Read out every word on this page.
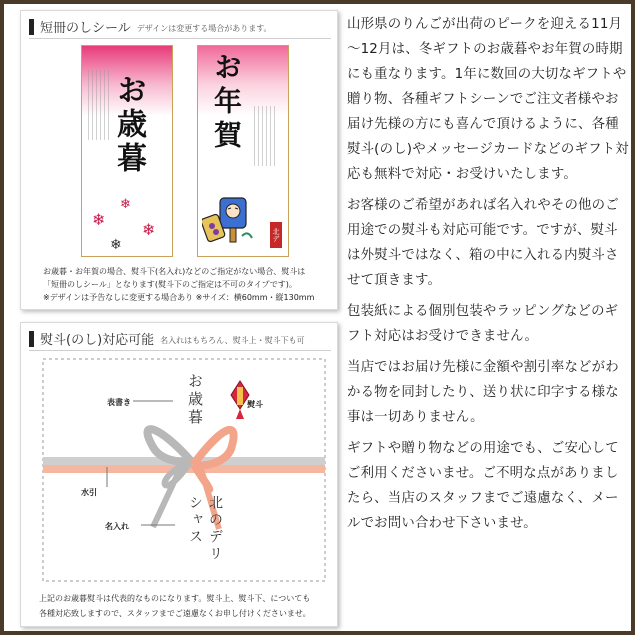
短冊のしシール デザインは変更する場合があります。
お歳暮
❄
❄
❄
❄
お年賀
北デ
お歳暮・お年賀の場合、熨斗下(名入れ)などのご指定がない場合、熨斗は
「短冊のしシール」となります(熨斗下のご指定は不可のタイプです)。
※デザインは予告なしに変更する場合あり ※サイズ：横60mm・縦130mm
熨斗(のし)対応可能 名入れはもちろん、熨斗上・熨斗下も可
表書き	熨斗
水引
名入れ
お歳暮
北のデリシャス
上記のお歳暮熨斗は代表的なものになります。熨斗上、熨斗下、についても
各種対応致しますので、スタッフまでご遠慮なくお申し付けくださいませ。

山形県のりんごが出荷のピークを迎える11月～12月は、冬ギフトのお歳暮やお年賀の時期にも重なります。1年に数回の大切なギフトや贈り物、各種ギフトシーンでご注文者様やお届け先様の方にも喜んで頂けるように、各種熨斗(のし)やメッセージカードなどのギフト対応も無料で対応・お受けいたします。

お客様のご希望があれば名入れやその他のご用途での熨斗も対応可能です。ですが、熨斗は外熨斗ではなく、箱の中に入れる内熨斗させて頂きます。

包装紙による個別包装やラッピングなどのギフト対応はお受けできません。

当店ではお届け先様に金額や割引率などがわかる物を同封したり、送り状に印字する様な事は一切ありません。

ギフトや贈り物などの用途でも、ご安心してご利用くださいませ。ご不明な点がありましたら、当店のスタッフまでご遠慮なく、メールでお問い合わせ下さいませ。
